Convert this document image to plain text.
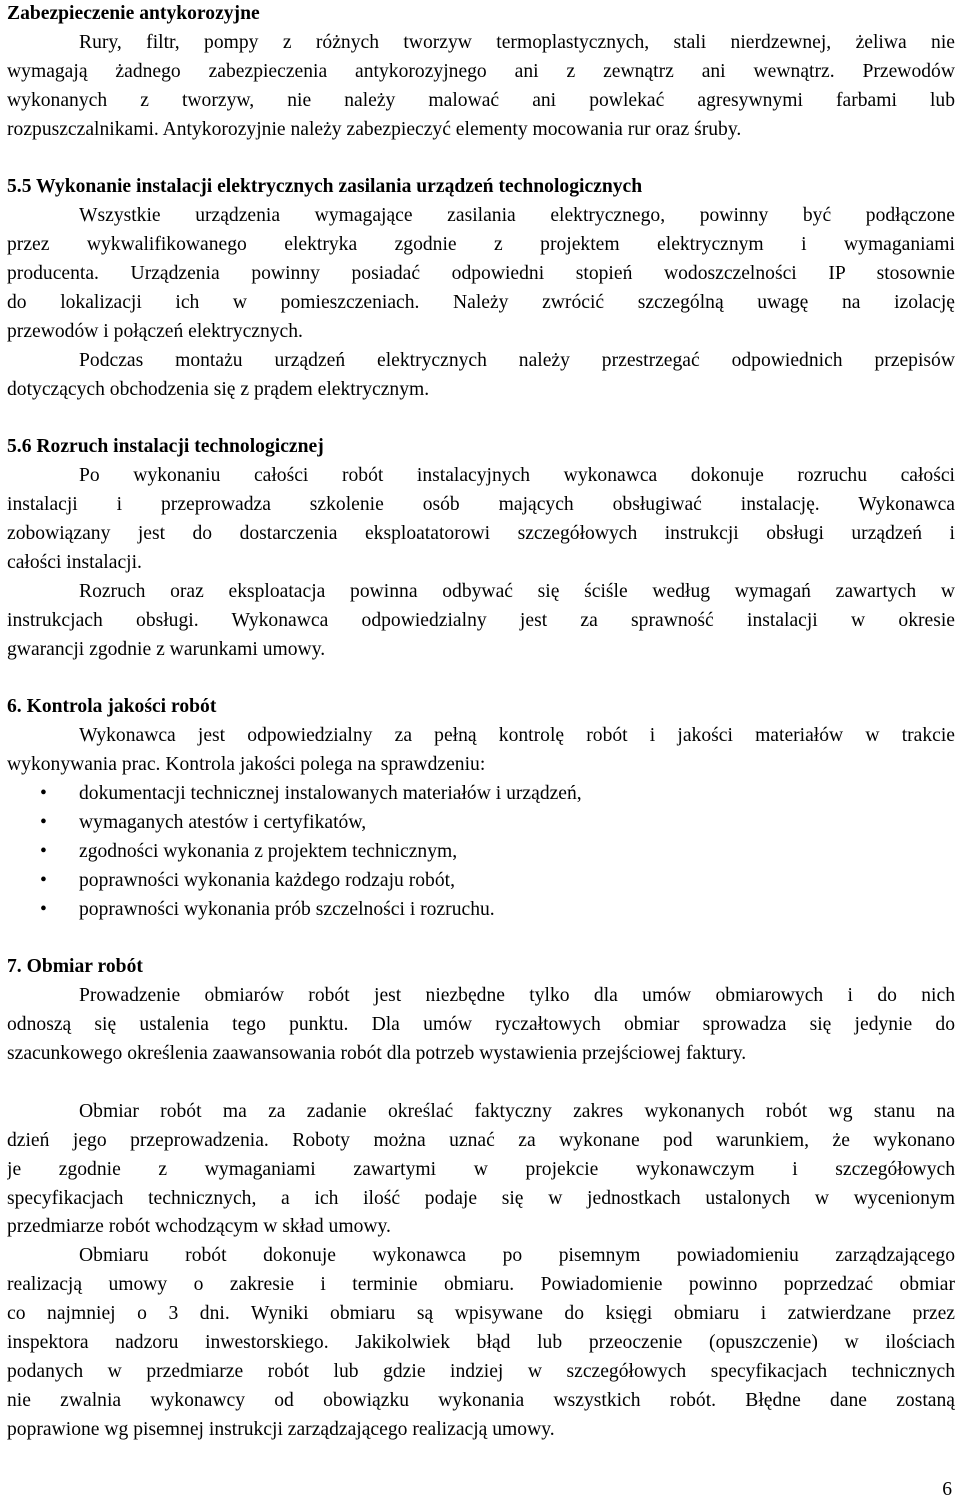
Zabezpieczenie antykorozyjne
Rury, filtr, pompy z różnych tworzyw termoplastycznych, stali nierdzewnej, żeliwa nie
wymagają żadnego zabezpieczenia antykorozyjnego ani z zewnątrz ani wewnątrz. Przewodów
wykonanych z tworzyw, nie należy malować ani powlekać agresywnymi farbami lub
rozpuszczalnikami. Antykorozyjnie należy zabezpieczyć elementy mocowania rur oraz śruby.
5.5 Wykonanie instalacji elektrycznych zasilania urządzeń technologicznych
Wszystkie urządzenia wymagające zasilania elektrycznego, powinny być podłączone
przez wykwalifikowanego elektryka zgodnie z projektem elektrycznym i wymaganiami
producenta. Urządzenia powinny posiadać odpowiedni stopień wodoszczelności IP stosownie
do lokalizacji ich w pomieszczeniach. Należy zwrócić szczególną uwagę na izolację
przewodów i połączeń elektrycznych.
Podczas montażu urządzeń elektrycznych należy przestrzegać odpowiednich przepisów
dotyczących obchodzenia się z prądem elektrycznym.
5.6 Rozruch instalacji technologicznej
Po wykonaniu całości robót instalacyjnych wykonawca dokonuje rozruchu całości
instalacji i przeprowadza szkolenie osób mających obsługiwać instalację. Wykonawca
zobowiązany jest do dostarczenia eksploatatorowi szczegółowych instrukcji obsługi urządzeń i
całości instalacji.
Rozruch oraz eksploatacja powinna odbywać się ściśle według wymagań zawartych w
instrukcjach obsługi. Wykonawca odpowiedzialny jest za sprawność instalacji w okresie
gwarancji zgodnie z warunkami umowy.
6. Kontrola jakości robót
Wykonawca jest odpowiedzialny za pełną kontrolę robót i jakości materiałów w trakcie
wykonywania prac. Kontrola jakości polega na sprawdzeniu:
• dokumentacji technicznej instalowanych materiałów i urządzeń,
• wymaganych atestów i certyfikatów,
• zgodności wykonania z projektem technicznym,
• poprawności wykonania każdego rodzaju robót,
• poprawności wykonania prób szczelności i rozruchu.
7. Obmiar robót
Prowadzenie obmiarów robót jest niezbędne tylko dla umów obmiarowych i do nich
odnoszą się ustalenia tego punktu. Dla umów ryczałtowych obmiar sprowadza się jedynie do
szacunkowego określenia zaawansowania robót dla potrzeb wystawienia przejściowej faktury.
Obmiar robót ma za zadanie określać faktyczny zakres wykonanych robót wg stanu na
dzień jego przeprowadzenia. Roboty można uznać za wykonane pod warunkiem, że wykonano
je zgodnie z wymaganiami zawartymi w projekcie wykonawczym i szczegółowych
specyfikacjach technicznych, a ich ilość podaje się w jednostkach ustalonych w wycenionym
przedmiarze robót wchodzącym w skład umowy.
Obmiaru robót dokonuje wykonawca po pisemnym powiadomieniu zarządzającego
realizacją umowy o zakresie i terminie obmiaru. Powiadomienie powinno poprzedzać obmiar
co najmniej o 3 dni. Wyniki obmiaru są wpisywane do księgi obmiaru i zatwierdzane przez
inspektora nadzoru inwestorskiego. Jakikolwiek błąd lub przeoczenie (opuszczenie) w ilościach
podanych w przedmiarze robót lub gdzie indziej w szczegółowych specyfikacjach technicznych
nie zwalnia wykonawcy od obowiązku wykonania wszystkich robót. Błędne dane zostaną
poprawione wg pisemnej instrukcji zarządzającego realizacją umowy.
6
